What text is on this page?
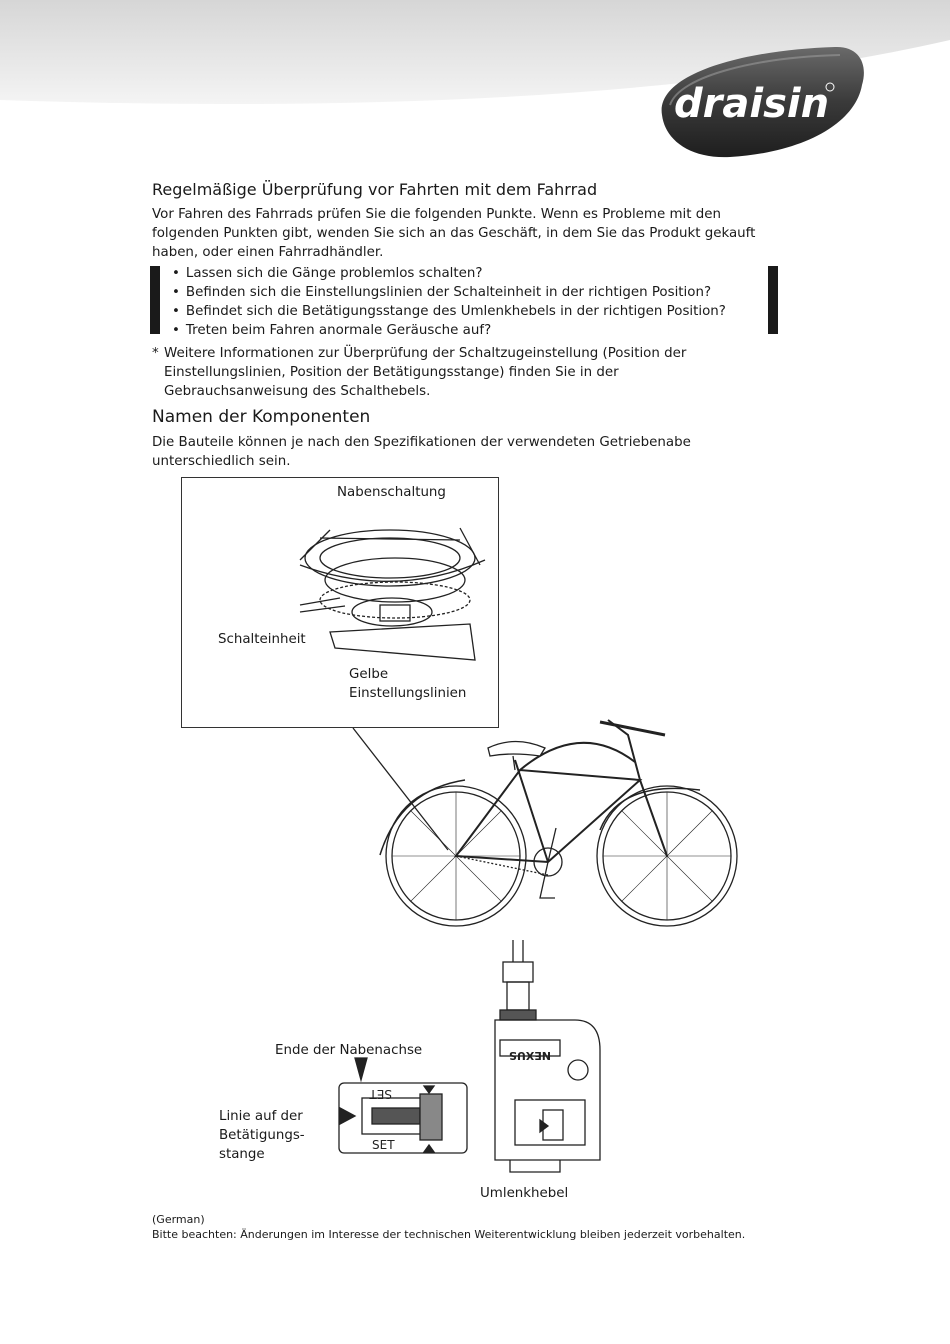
draisin
Regelmäßige Überprüfung vor Fahrten mit dem Fahrrad
Vor Fahren des Fahrrads prüfen Sie die folgenden Punkte. Wenn es Probleme mit den folgenden Punkten gibt, wenden Sie sich an das Geschäft, in dem Sie das Produkt gekauft haben, oder einen Fahrradhändler.
• Lassen sich die Gänge problemlos schalten?
• Befinden sich die Einstellungslinien der Schalteinheit in der richtigen Position?
• Befindet sich die Betätigungsstange des Umlenkhebels in der richtigen Position?
• Treten beim Fahren anormale Geräusche auf?
* Weitere Informationen zur Überprüfung der Schaltzugeinstellung (Position der Einstellungslinien, Position der Betätigungsstange) finden Sie in der Gebrauchsanweisung des Schalthebels.
Namen der Komponenten
Die Bauteile können je nach den Spezifikationen der verwendeten Getriebenabe unterschiedlich sein.
SET
SET
NEXUS
Nabenschaltung
Schalteinheit
Gelbe
Einstellungslinien
Ende der Nabenachse
Linie auf der
Betätigungs-
stange
Umlenkhebel
(German)
Bitte beachten: Änderungen im Interesse der technischen Weiterentwicklung bleiben jederzeit vorbehalten.
